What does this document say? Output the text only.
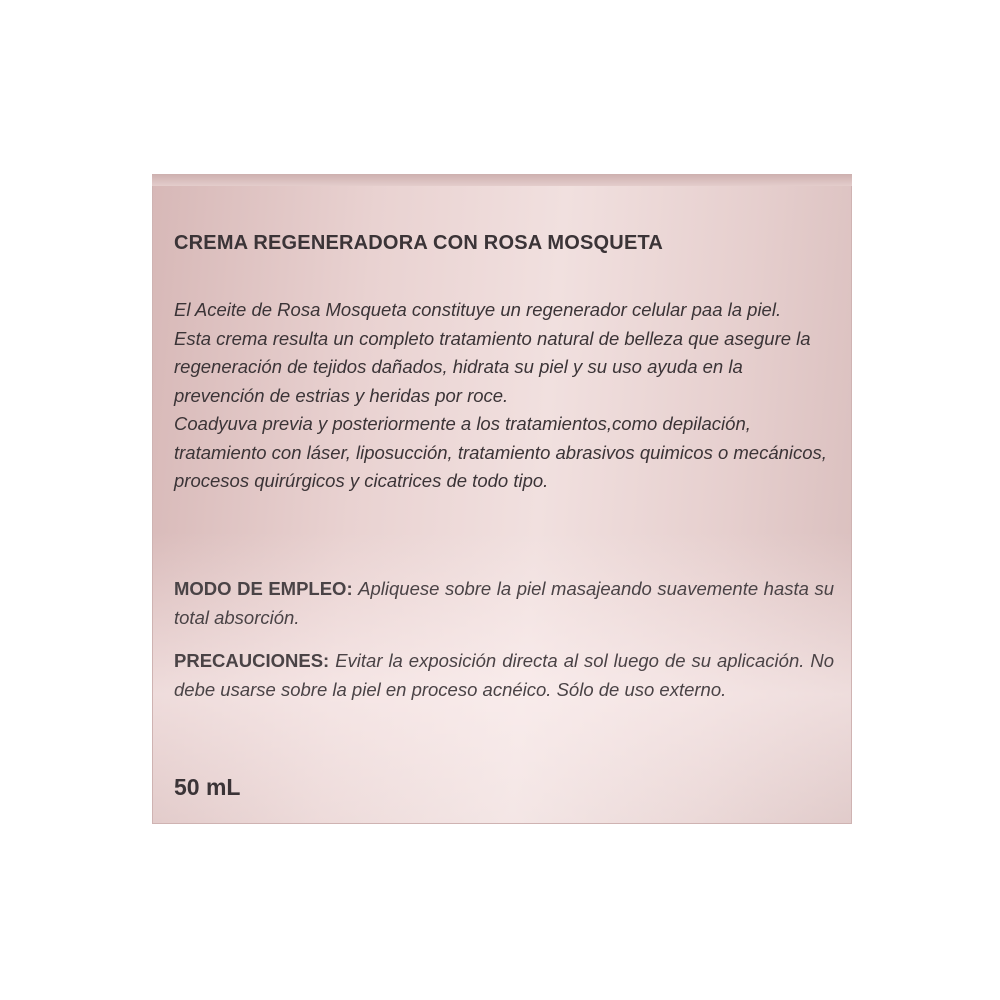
CREMA REGENERADORA CON ROSA MOSQUETA

El Aceite de Rosa Mosqueta constituye un regenerador celular paa la piel.

Esta crema resulta un completo tratamiento natural de belleza que asegure la regeneración de tejidos dañados, hidrata su piel y su uso ayuda en la prevención de estrias y heridas por roce.

Coadyuva previa y posteriormente a los tratamientos,como depilación, tratamiento con láser, liposucción, tratamiento abrasivos quimicos o mecánicos, procesos quirúrgicos y cicatrices de todo tipo.

MODO DE EMPLEO: Apliquese sobre la piel masajeando suavemente hasta su total absorción.
PRECAUCIONES: Evitar la exposición directa al sol luego de su aplicación. No debe usarse sobre la piel en proceso acnéico. Sólo de uso externo.
50 mL
